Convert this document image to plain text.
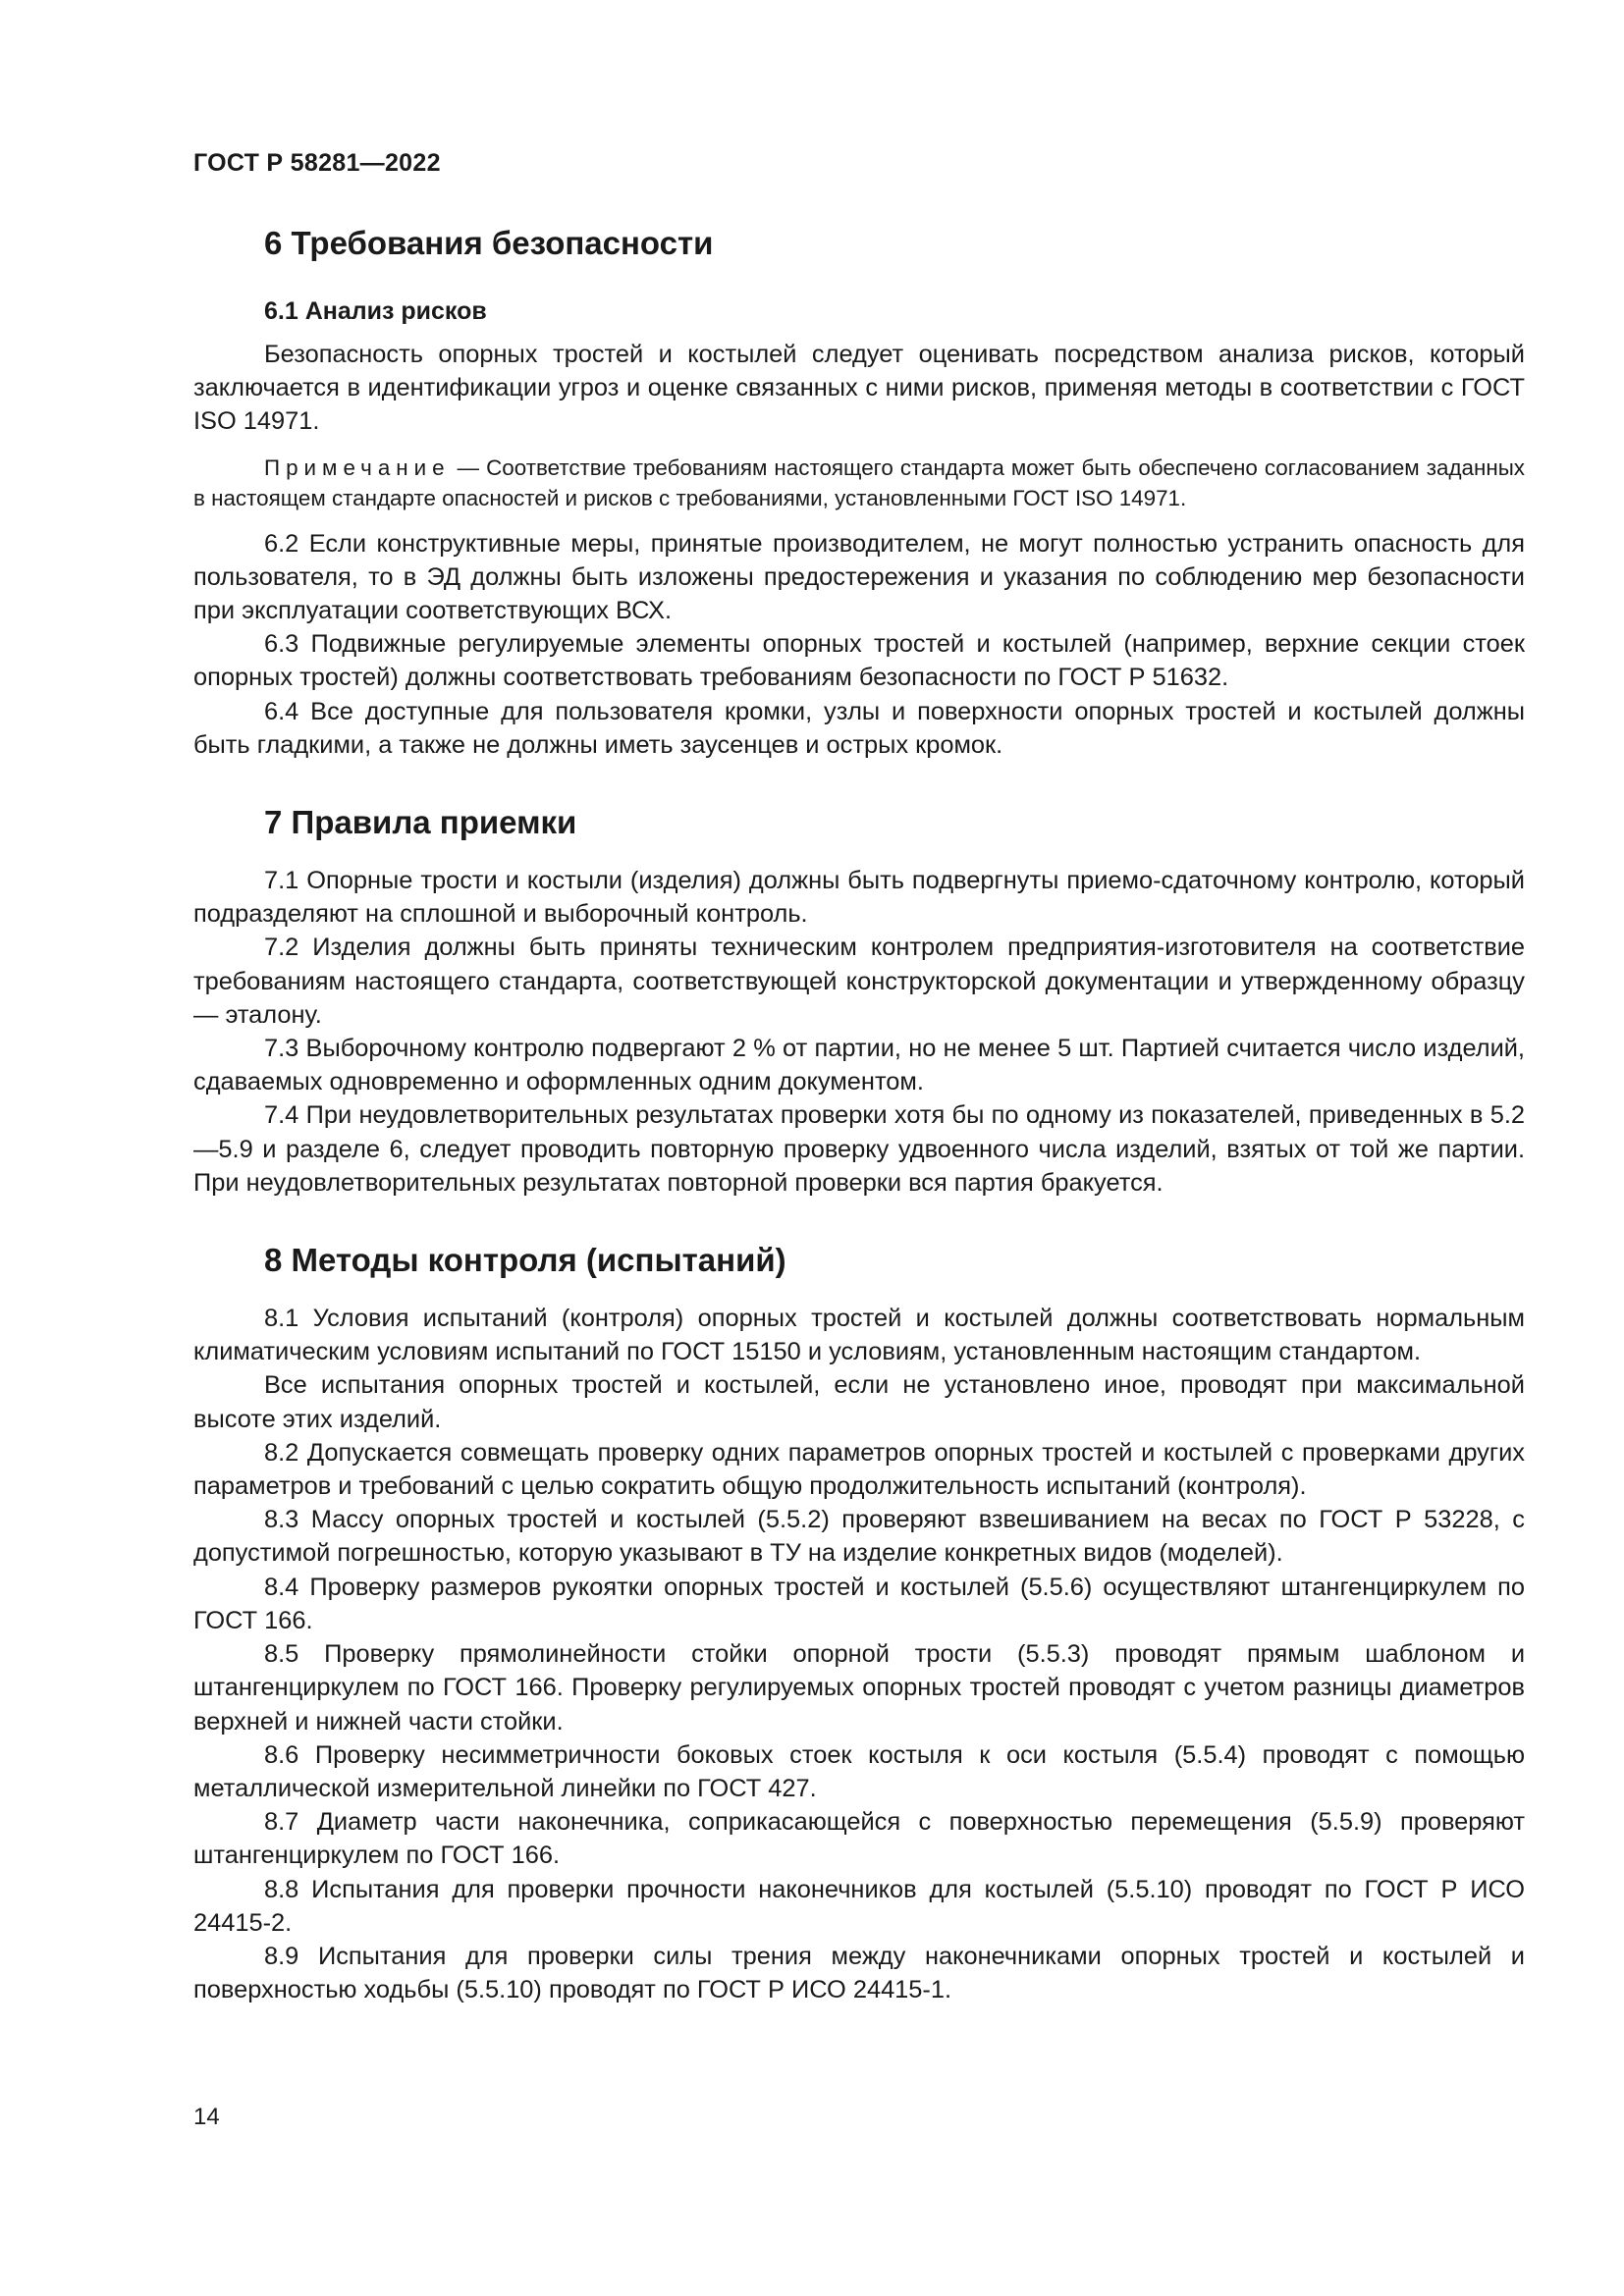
ГОСТ Р 58281—2022
6 Требования безопасности
6.1 Анализ рисков

Безопасность опорных тростей и костылей следует оценивать посредством анализа рисков, который заключается в идентификации угроз и оценке связанных с ними рисков, применяя методы в соответствии с ГОСТ ISO 14971.

Примечание — Соответствие требованиям настоящего стандарта может быть обеспечено согласованием заданных в настоящем стандарте опасностей и рисков с требованиями, установленными ГОСТ ISO 14971.

6.2 Если конструктивные меры, принятые производителем, не могут полностью устранить опасность для пользователя, то в ЭД должны быть изложены предостережения и указания по соблюдению мер безопасности при эксплуатации соответствующих ВСХ.

6.3 Подвижные регулируемые элементы опорных тростей и костылей (например, верхние секции стоек опорных тростей) должны соответствовать требованиям безопасности по ГОСТ Р 51632.

6.4 Все доступные для пользователя кромки, узлы и поверхности опорных тростей и костылей должны быть гладкими, а также не должны иметь заусенцев и острых кромок.

7 Правила приемки

7.1 Опорные трости и костыли (изделия) должны быть подвергнуты приемо-сдаточному контролю, который подразделяют на сплошной и выборочный контроль.

7.2 Изделия должны быть приняты техническим контролем предприятия-изготовителя на соответствие требованиям настоящего стандарта, соответствующей конструкторской документации и утвержденному образцу — эталону.

7.3 Выборочному контролю подвергают 2 % от партии, но не менее 5 шт. Партией считается число изделий, сдаваемых одновременно и оформленных одним документом.

7.4 При неудовлетворительных результатах проверки хотя бы по одному из показателей, приведенных в 5.2—5.9 и разделе 6, следует проводить повторную проверку удвоенного числа изделий, взятых от той же партии. При неудовлетворительных результатах повторной проверки вся партия бракуется.

8 Методы контроля (испытаний)

8.1 Условия испытаний (контроля) опорных тростей и костылей должны соответствовать нормальным климатическим условиям испытаний по ГОСТ 15150 и условиям, установленным настоящим стандартом.

Все испытания опорных тростей и костылей, если не установлено иное, проводят при максимальной высоте этих изделий.

8.2 Допускается совмещать проверку одних параметров опорных тростей и костылей с проверками других параметров и требований с целью сократить общую продолжительность испытаний (контроля).

8.3 Массу опорных тростей и костылей (5.5.2) проверяют взвешиванием на весах по ГОСТ Р 53228, с допустимой погрешностью, которую указывают в ТУ на изделие конкретных видов (моделей).

8.4 Проверку размеров рукоятки опорных тростей и костылей (5.5.6) осуществляют штангенциркулем по ГОСТ 166.

8.5 Проверку прямолинейности стойки опорной трости (5.5.3) проводят прямым шаблоном и штангенциркулем по ГОСТ 166. Проверку регулируемых опорных тростей проводят с учетом разницы диаметров верхней и нижней части стойки.

8.6 Проверку несимметричности боковых стоек костыля к оси костыля (5.5.4) проводят с помощью металлической измерительной линейки по ГОСТ 427.

8.7 Диаметр части наконечника, соприкасающейся с поверхностью перемещения (5.5.9) проверяют штангенциркулем по ГОСТ 166.

8.8 Испытания для проверки прочности наконечников для костылей (5.5.10) проводят по ГОСТ Р ИСО 24415-2.

8.9 Испытания для проверки силы трения между наконечниками опорных тростей и костылей и поверхностью ходьбы (5.5.10) проводят по ГОСТ Р ИСО 24415-1.

14
